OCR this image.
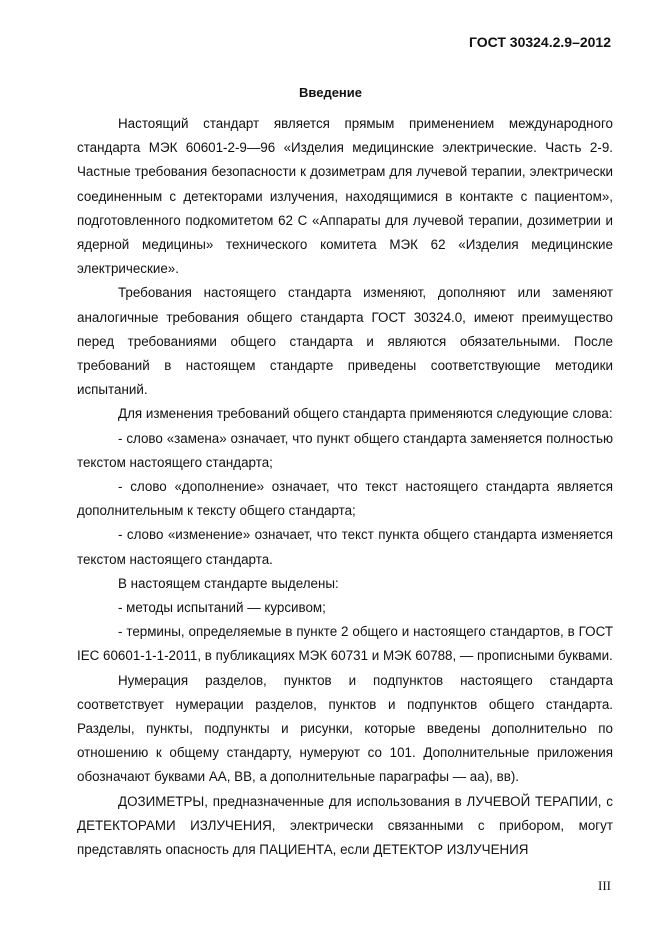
ГОСТ 30324.2.9–2012
Введение

Настоящий стандарт является прямым применением международного стандарта МЭК 60601-2-9—96 «Изделия медицинские электрические. Часть 2-9. Частные требования безопасности к дозиметрам для лучевой терапии, электрически соединенным с детекторами излучения, находящимися в контакте с пациентом», подготовленного подкомитетом 62 С «Аппараты для лучевой терапии, дозиметрии и ядерной медицины» технического комитета МЭК 62 «Изделия медицинские электрические».

Требования настоящего стандарта изменяют, дополняют или заменяют аналогичные требования общего стандарта ГОСТ 30324.0, имеют преимущество перед требованиями общего стандарта и являются обязательными. После требований в настоящем стандарте приведены соответствующие методики испытаний.

Для изменения требований общего стандарта применяются следующие слова:

- слово «замена» означает, что пункт общего стандарта заменяется полностью текстом настоящего стандарта;

- слово «дополнение» означает, что текст настоящего стандарта является дополнительным к тексту общего стандарта;

- слово «изменение» означает, что текст пункта общего стандарта изменяется текстом настоящего стандарта.

В настоящем стандарте выделены:

- методы испытаний — курсивом;

- термины, определяемые в пункте 2 общего и настоящего стандартов, в ГОСТ IEC 60601-1-1-2011, в публикациях МЭК 60731 и МЭК 60788, — прописными буквами.

Нумерация разделов, пунктов и подпунктов настоящего стандарта соответствует нумерации разделов, пунктов и подпунктов общего стандарта. Разделы, пункты, подпункты и рисунки, которые введены дополнительно по отношению к общему стандарту, нумеруют со 101. Дополнительные приложения обозначают буквами АА, ВВ, а дополнительные параграфы — аа), вв).

ДОЗИМЕТРЫ, предназначенные для использования в ЛУЧЕВОЙ ТЕРАПИИ, с ДЕТЕКТОРАМИ ИЗЛУЧЕНИЯ, электрически связанными с прибором, могут представлять опасность для ПАЦИЕНТА, если ДЕТЕКТОР ИЗЛУЧЕНИЯ

III
